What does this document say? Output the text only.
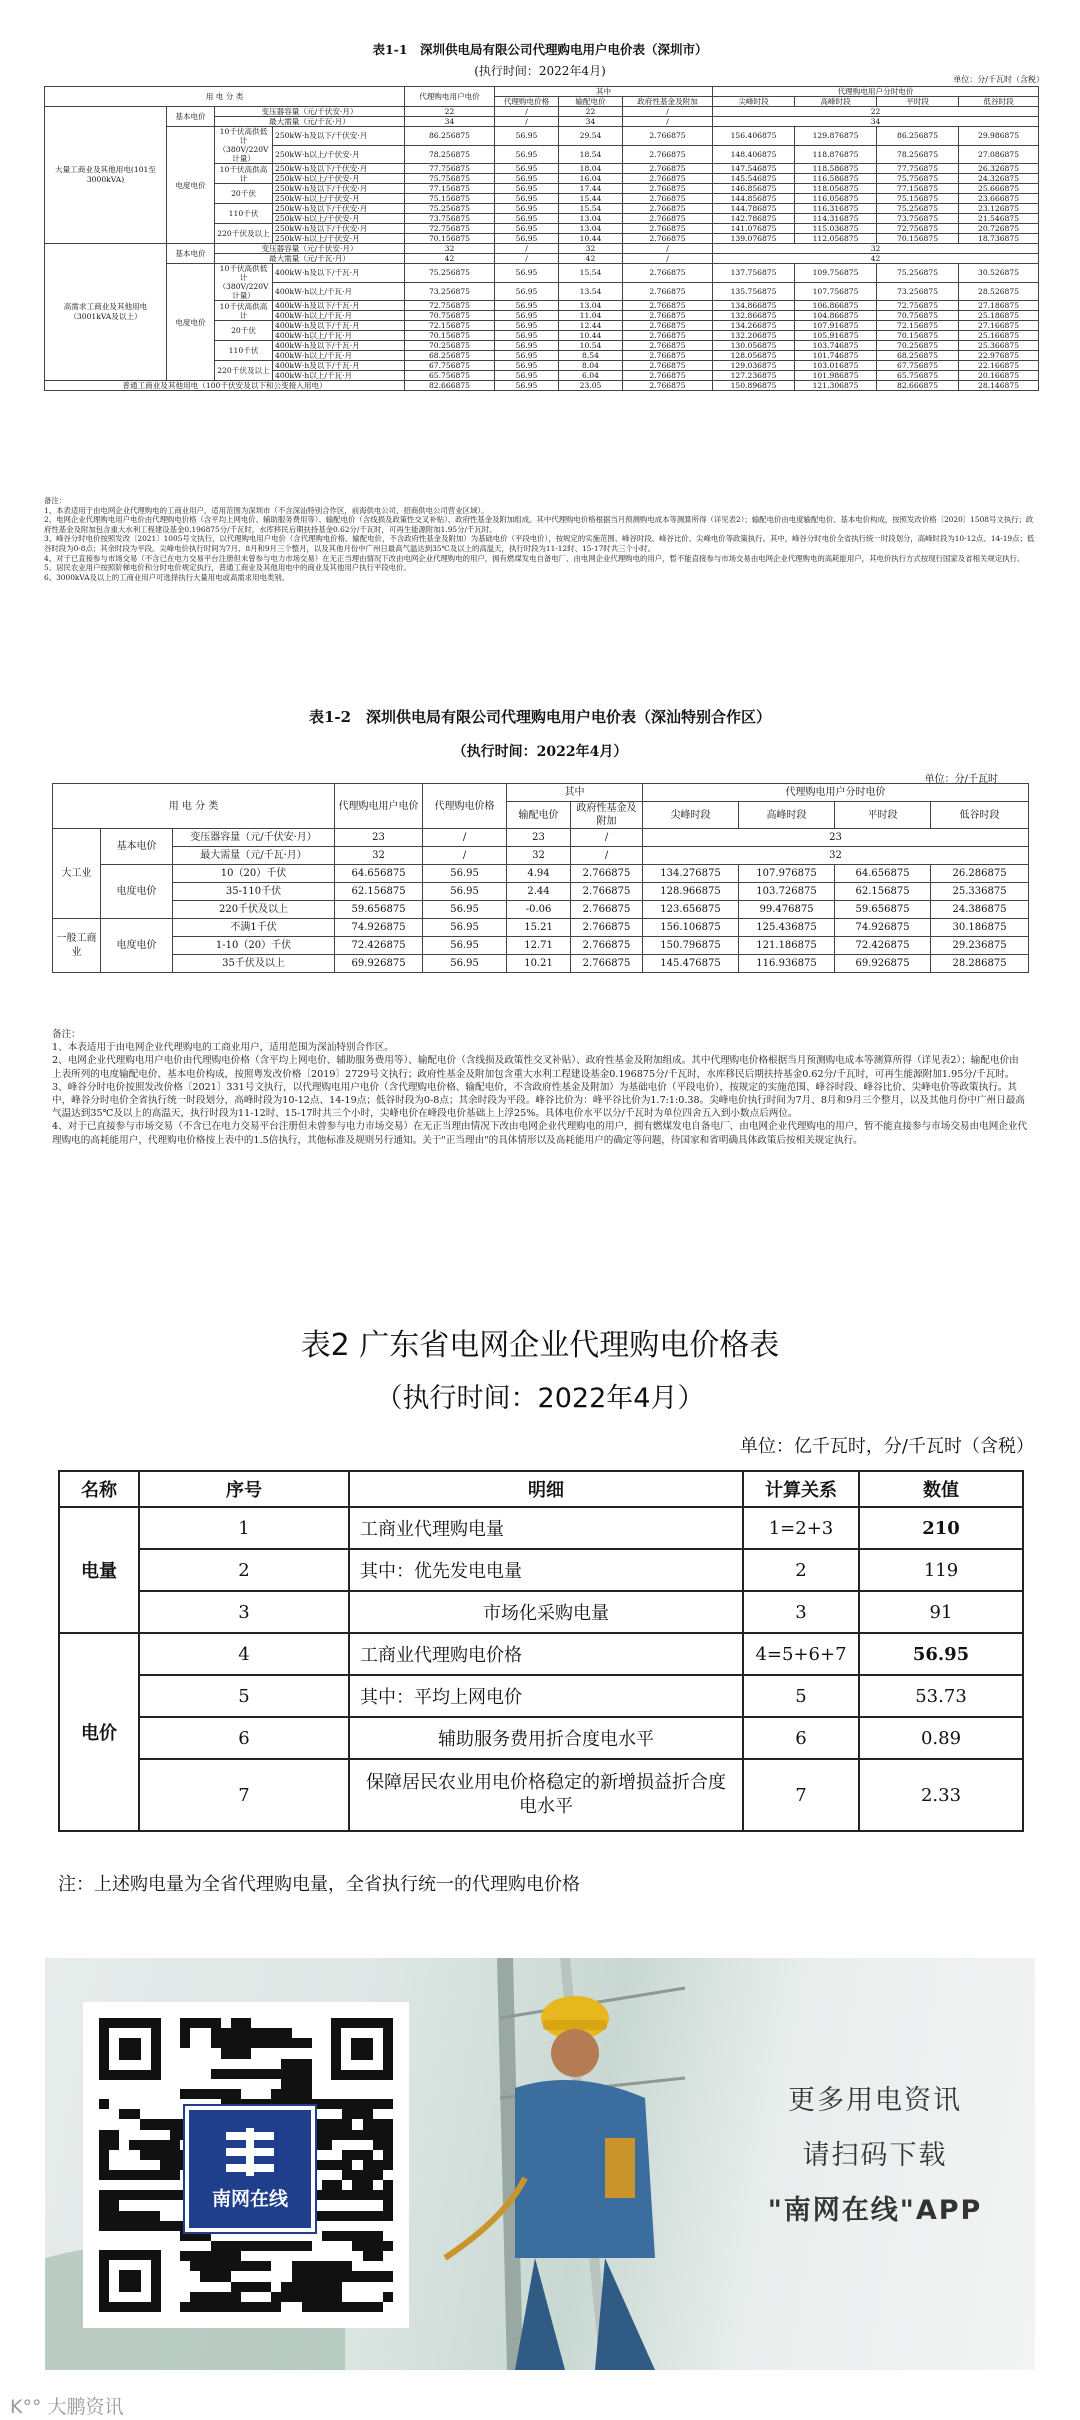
表1-1　深圳供电局有限公司代理购电用户电价表（深圳市）
(执行时间：2022年4月)
单位：分/千瓦时（含税）
用 电 分 类				代理购电用户电价	其中			代理购电用户分时电价			
					代理购电价格	输配电价	政府性基金及附加	尖峰时段	高峰时段	平时段	低谷时段
大量工商业及其他用电(101至3000kVA)	基本电价	变压器容量（元/千伏安·月）		22	/	22	/	22			
		最大需量（元/千瓦·月）		34	/	34	/	34			
	电度电价	10千伏高供低计（380V/220V计量）	250kW·h及以下/千伏安·月	86.256875	56.95	29.54	2.766875	156.406875	129.876875	86.256875	29.986875
			250kW·h以上/千伏安·月	78.256875	56.95	18.54	2.766875	148.406875	118.876875	78.256875	27.086875
		10千伏高供高计	250kW·h及以下/千伏安·月	77.756875	56.95	18.04	2.766875	147.546875	118.586875	77.756875	26.326875
			250kW·h以上/千伏安·月	75.756875	56.95	16.04	2.766875	145.546875	116.586875	75.756875	24.326875
		20千伏	250kW·h及以下/千伏安·月	77.156875	56.95	17.44	2.766875	146.856875	118.056875	77.156875	25.666875
			250kW·h以上/千伏安·月	75.156875	56.95	15.44	2.766875	144.856875	116.056875	75.156875	23.666875
		110千伏	250kW·h及以下/千伏安·月	75.256875	56.95	15.54	2.766875	144.786875	116.316875	75.256875	23.126875
			250kW·h以上/千伏安·月	73.756875	56.95	13.04	2.766875	142.786875	114.316875	73.756875	21.546875
		220千伏及以上	250kW·h及以下/千伏安·月	72.756875	56.95	13.04	2.766875	141.076875	115.036875	72.756875	20.726875
			250kW·h以上/千伏安·月	70.156875	56.95	10.44	2.766875	139.076875	112.056875	70.156875	18.736875
高需求工商业及其他用电（3001kVA及以上）	基本电价	变压器容量（元/千伏安·月）		32	/	32	/	32			
		最大需量（元/千瓦·月）		42	/	42	/	42			
	电度电价	10千伏高供低计（380V/220V计量）	400kW·h及以下/千瓦·月	75.256875	56.95	15.54	2.766875	137.756875	109.756875	75.256875	30.526875
			400kW·h以上/千瓦·月	73.256875	56.95	13.54	2.766875	135.756875	107.756875	73.256875	28.526875
		10千伏高供高计	400kW·h及以下/千瓦·月	72.756875	56.95	13.04	2.766875	134.866875	106.866875	72.756875	27.186875
			400kW·h以上/千瓦·月	70.756875	56.95	11.04	2.766875	132.866875	104.866875	70.756875	25.186875
		20千伏	400kW·h及以下/千瓦·月	72.156875	56.95	12.44	2.766875	134.266875	107.916875	72.156875	27.166875
			400kW·h以上/千瓦·月	70.156875	56.95	10.44	2.766875	132.206875	105.916875	70.156875	25.166875
		110千伏	400kW·h及以下/千瓦·月	70.256875	56.95	10.54	2.766875	130.056875	103.746875	70.256875	25.366875
			400kW·h以上/千瓦·月	68.256875	56.95	8.54	2.766875	128.056875	101.746875	68.256875	22.976875
		220千伏及以上	400kW·h及以下/千瓦·月	67.756875	56.95	8.04	2.766875	129.036875	103.016875	67.756875	22.166875
			400kW·h以上/千瓦·月	65.756875	56.95	6.04	2.766875	127.236875	101.986875	65.756875	20.166875
普通工商业及其他用电（100千伏安及以下和公变接入用电）				82.666875	56.95	23.05	2.766875	150.896875	121.306875	82.666875	28.146875
备注：
1、本表适用于由电网企业代理购电的工商业用户，适用范围为深圳市（不含深汕特别合作区，前海供电公司、招商供电公司营业区域）。
2、电网企业代理购电用户电价由代理购电价格（含平均上网电价、辅助服务费用等）、输配电价（含线损及政策性交叉补贴）、政府性基金及附加组成。其中代理购电价格根据当月预测购电成本等测算所得（详见表2）；输配电价由电度输配电价、基本电价构成，按照发改价格〔2020〕1508号文执行；政府性基金及附加包含重大水利工程建设基金0.196875分/千瓦时，水库移民后期扶持基金0.62分/千瓦时，可再生能源附加1.95分/千瓦时。
3、峰谷分时电价按照发改〔2021〕1005号文执行，以代理购电用户电价（含代理购电价格、输配电价，不含政府性基金及附加）为基础电价（平段电价），按规定的实施范围、峰谷时段、峰谷比价、尖峰电价等政策执行。其中，峰谷分时电价全省执行统一时段划分，高峰时段为10-12点、14-19点；低谷时段为0-8点；其余时段为平段。尖峰电价执行时间为7月、8月和9月三个整月，以及其他月份中广州日最高气温达到35℃及以上的高温天，执行时段为11-12时、15-17时共三个小时。
4、对于已直接参与市场交易（不含已在电力交易平台注册但未曾参与电力市场交易）在无正当理由情况下改由电网企业代理购电的用户，拥有燃煤发电自备电厂、由电网企业代理购电的用户，暂不能直接参与市场交易由电网企业代理购电的高耗能用户，其电价执行方式按现行国家及省相关规定执行。
5、居民农业用户按照阶梯电价和分时电价规定执行，普通工商业及其他用电中的商业及其他用户执行平段电价。
6、3000kVA及以上的工商业用户可选择执行大量用电或高需求用电类别。
表1-2　深圳供电局有限公司代理购电用户电价表（深汕特别合作区）
（执行时间：2022年4月）
单位：分/千瓦时
用 电 分 类			代理购电用户电价	代理购电价格	其中		代理购电用户分时电价			
					输配电价	政府性基金及附加	尖峰时段	高峰时段	平时段	低谷时段
大工业	基本电价	变压器容量（元/千伏安·月）	23	/	23	/	23			
		最大需量（元/千瓦·月）	32	/	32	/	32			
	电度电价	10（20）千伏	64.656875	56.95	4.94	2.766875	134.276875	107.976875	64.656875	26.286875
		35-110千伏	62.156875	56.95	2.44	2.766875	128.966875	103.726875	62.156875	25.336875
		220千伏及以上	59.656875	56.95	-0.06	2.766875	123.656875	99.476875	59.656875	24.386875
一般工商业	电度电价	不满1千伏	74.926875	56.95	15.21	2.766875	156.106875	125.436875	74.926875	30.186875
		1-10（20）千伏	72.426875	56.95	12.71	2.766875	150.796875	121.186875	72.426875	29.236875
		35千伏及以上	69.926875	56.95	10.21	2.766875	145.476875	116.936875	69.926875	28.286875
备注：
1、本表适用于由电网企业代理购电的工商业用户，适用范围为深汕特别合作区。
2、电网企业代理购电用户电价由代理购电价格（含平均上网电价、辅助服务费用等）、输配电价（含线损及政策性交叉补贴）、政府性基金及附加组成。其中代理购电价格根据当月预测购电成本等测算所得（详见表2）；输配电价由上表所列的电度输配电价、基本电价构成，按照粤发改价格〔2019〕2729号文执行；政府性基金及附加包含重大水利工程建设基金0.196875分/千瓦时，水库移民后期扶持基金0.62分/千瓦时，可再生能源附加1.95分/千瓦时。
3、峰谷分时电价按照发改价格〔2021〕331号文执行，以代理购电用户电价（含代理购电价格、输配电价，不含政府性基金及附加）为基础电价（平段电价），按规定的实施范围、峰谷时段、峰谷比价、尖峰电价等政策执行。其中，峰谷分时电价全省执行统一时段划分，高峰时段为10-12点、14-19点；低谷时段为0-8点；其余时段为平段。峰谷比价为：峰平谷比价为1.7:1:0.38。尖峰电价执行时间为7月、8月和9月三个整月，以及其他月份中广州日最高气温达到35℃及以上的高温天，执行时段为11-12时、15-17时共三个小时，尖峰电价在峰段电价基础上上浮25%。具体电价水平以分/千瓦时为单位四舍五入到小数点后两位。
4、对于已直接参与市场交易（不含已在电力交易平台注册但未曾参与电力市场交易）在无正当理由情况下改由电网企业代理购电的用户，拥有燃煤发电自备电厂、由电网企业代理购电的用户，暂不能直接参与市场交易由电网企业代理购电的高耗能用户，代理购电价格按上表中的1.5倍执行，其他标准及规则另行通知。关于"正当理由"的具体情形以及高耗能用户的确定等问题，待国家和省明确具体政策后按相关规定执行。
表2 广东省电网企业代理购电价格表
（执行时间：2022年4月）
单位：亿千瓦时，分/千瓦时（含税）
名称	序号	明细	计算关系	数值
电量	1	工商业代理购电量	1=2+3	210
	2	其中：优先发电电量	2	119
	3	市场化采购电量	3	91
电价	4	工商业代理购电价格	4=5+6+7	56.95
	5	其中：平均上网电价	5	53.73
	6	辅助服务费用折合度电水平	6	0.89
	7	保障居民农业用电价格稳定的新增损益折合度电水平	7	2.33
注：上述购电量为全省代理购电量，全省执行统一的代理购电价格
南网在线
更多用电资讯
请扫码下载
"南网在线"APP
K°° 大鹏资讯
